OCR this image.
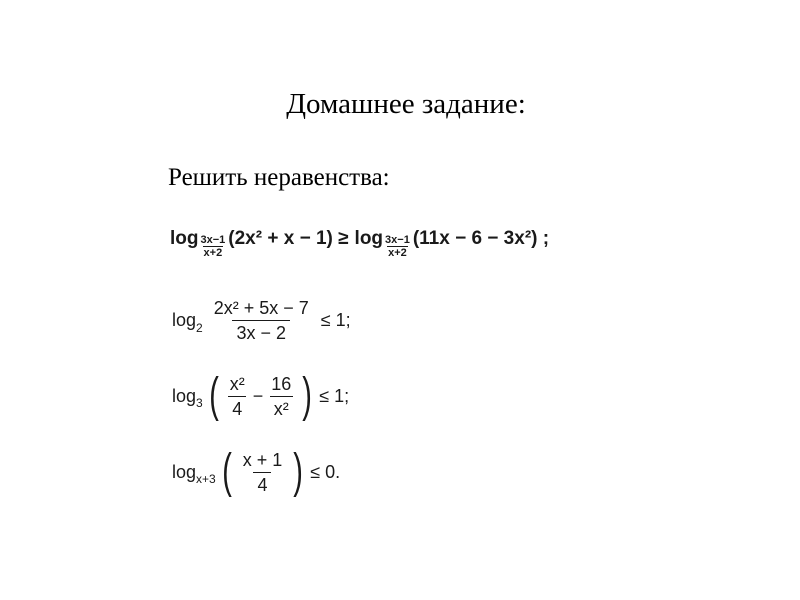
Домашнее задание:
Решить неравенства:
$\log \frac{3x-1}{x+2} (2x^2 + x - 1) \ge \log \frac{3x-1}{x+2} (11x - 6 - 3x^2)$ ;
$\log 2 \frac{\text{2x² + 5x − 7}}{3x - 2} \le 1$;
log 3 ( $\frac{\text{x²}}{4} - \frac{16}{\text{x²}}$ ) ≤ 1;
log x+3 ( $\frac{x + 1}{4}$ ) ≤ 0.
